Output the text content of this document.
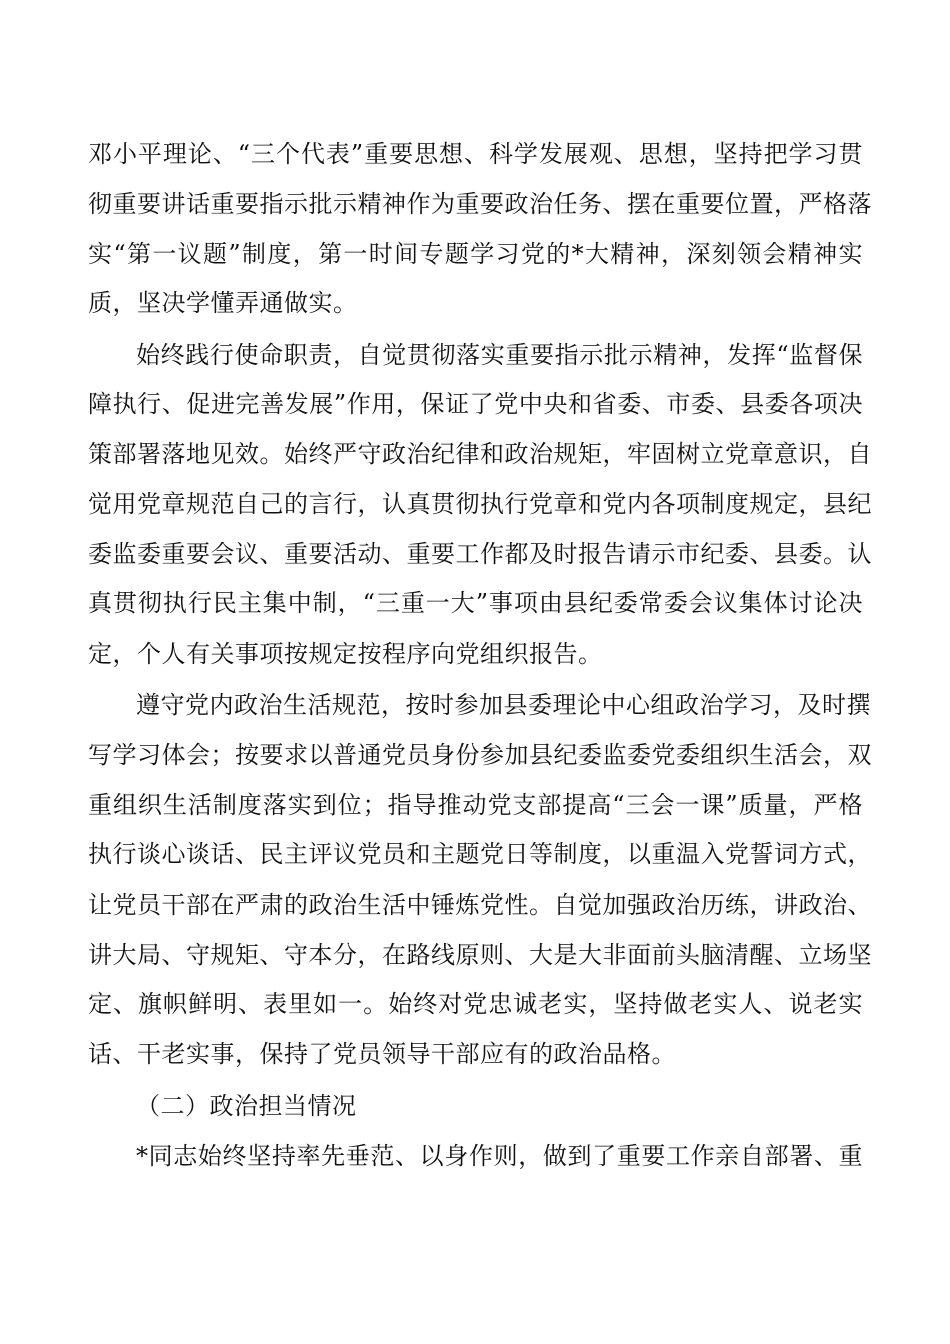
邓小平理论、“三个代表”重要思想、科学发展观、思想，坚持把学习贯

彻重要讲话重要指示批示精神作为重要政治任务、摆在重要位置，严格落

实“第一议题”制度，第一时间专题学习党的*大精神，深刻领会精神实

质，坚决学懂弄通做实。

始终践行使命职责，自觉贯彻落实重要指示批示精神，发挥“监督保

障执行、促进完善发展”作用，保证了党中央和省委、市委、县委各项决

策部署落地见效。始终严守政治纪律和政治规矩，牢固树立党章意识，自

觉用党章规范自己的言行，认真贯彻执行党章和党内各项制度规定，县纪

委监委重要会议、重要活动、重要工作都及时报告请示市纪委、县委。认

真贯彻执行民主集中制，“三重一大”事项由县纪委常委会议集体讨论决

定，个人有关事项按规定按程序向党组织报告。

遵守党内政治生活规范，按时参加县委理论中心组政治学习，及时撰

写学习体会；按要求以普通党员身份参加县纪委监委党委组织生活会，双

重组织生活制度落实到位；指导推动党支部提高“三会一课”质量，严格

执行谈心谈话、民主评议党员和主题党日等制度，以重温入党誓词方式，

让党员干部在严肃的政治生活中锤炼党性。自觉加强政治历练，讲政治、

讲大局、守规矩、守本分，在路线原则、大是大非面前头脑清醒、立场坚

定、旗帜鲜明、表里如一。始终对党忠诚老实，坚持做老实人、说老实

话、干老实事，保持了党员领导干部应有的政治品格。

（二）政治担当情况

*同志始终坚持率先垂范、以身作则，做到了重要工作亲自部署、重
